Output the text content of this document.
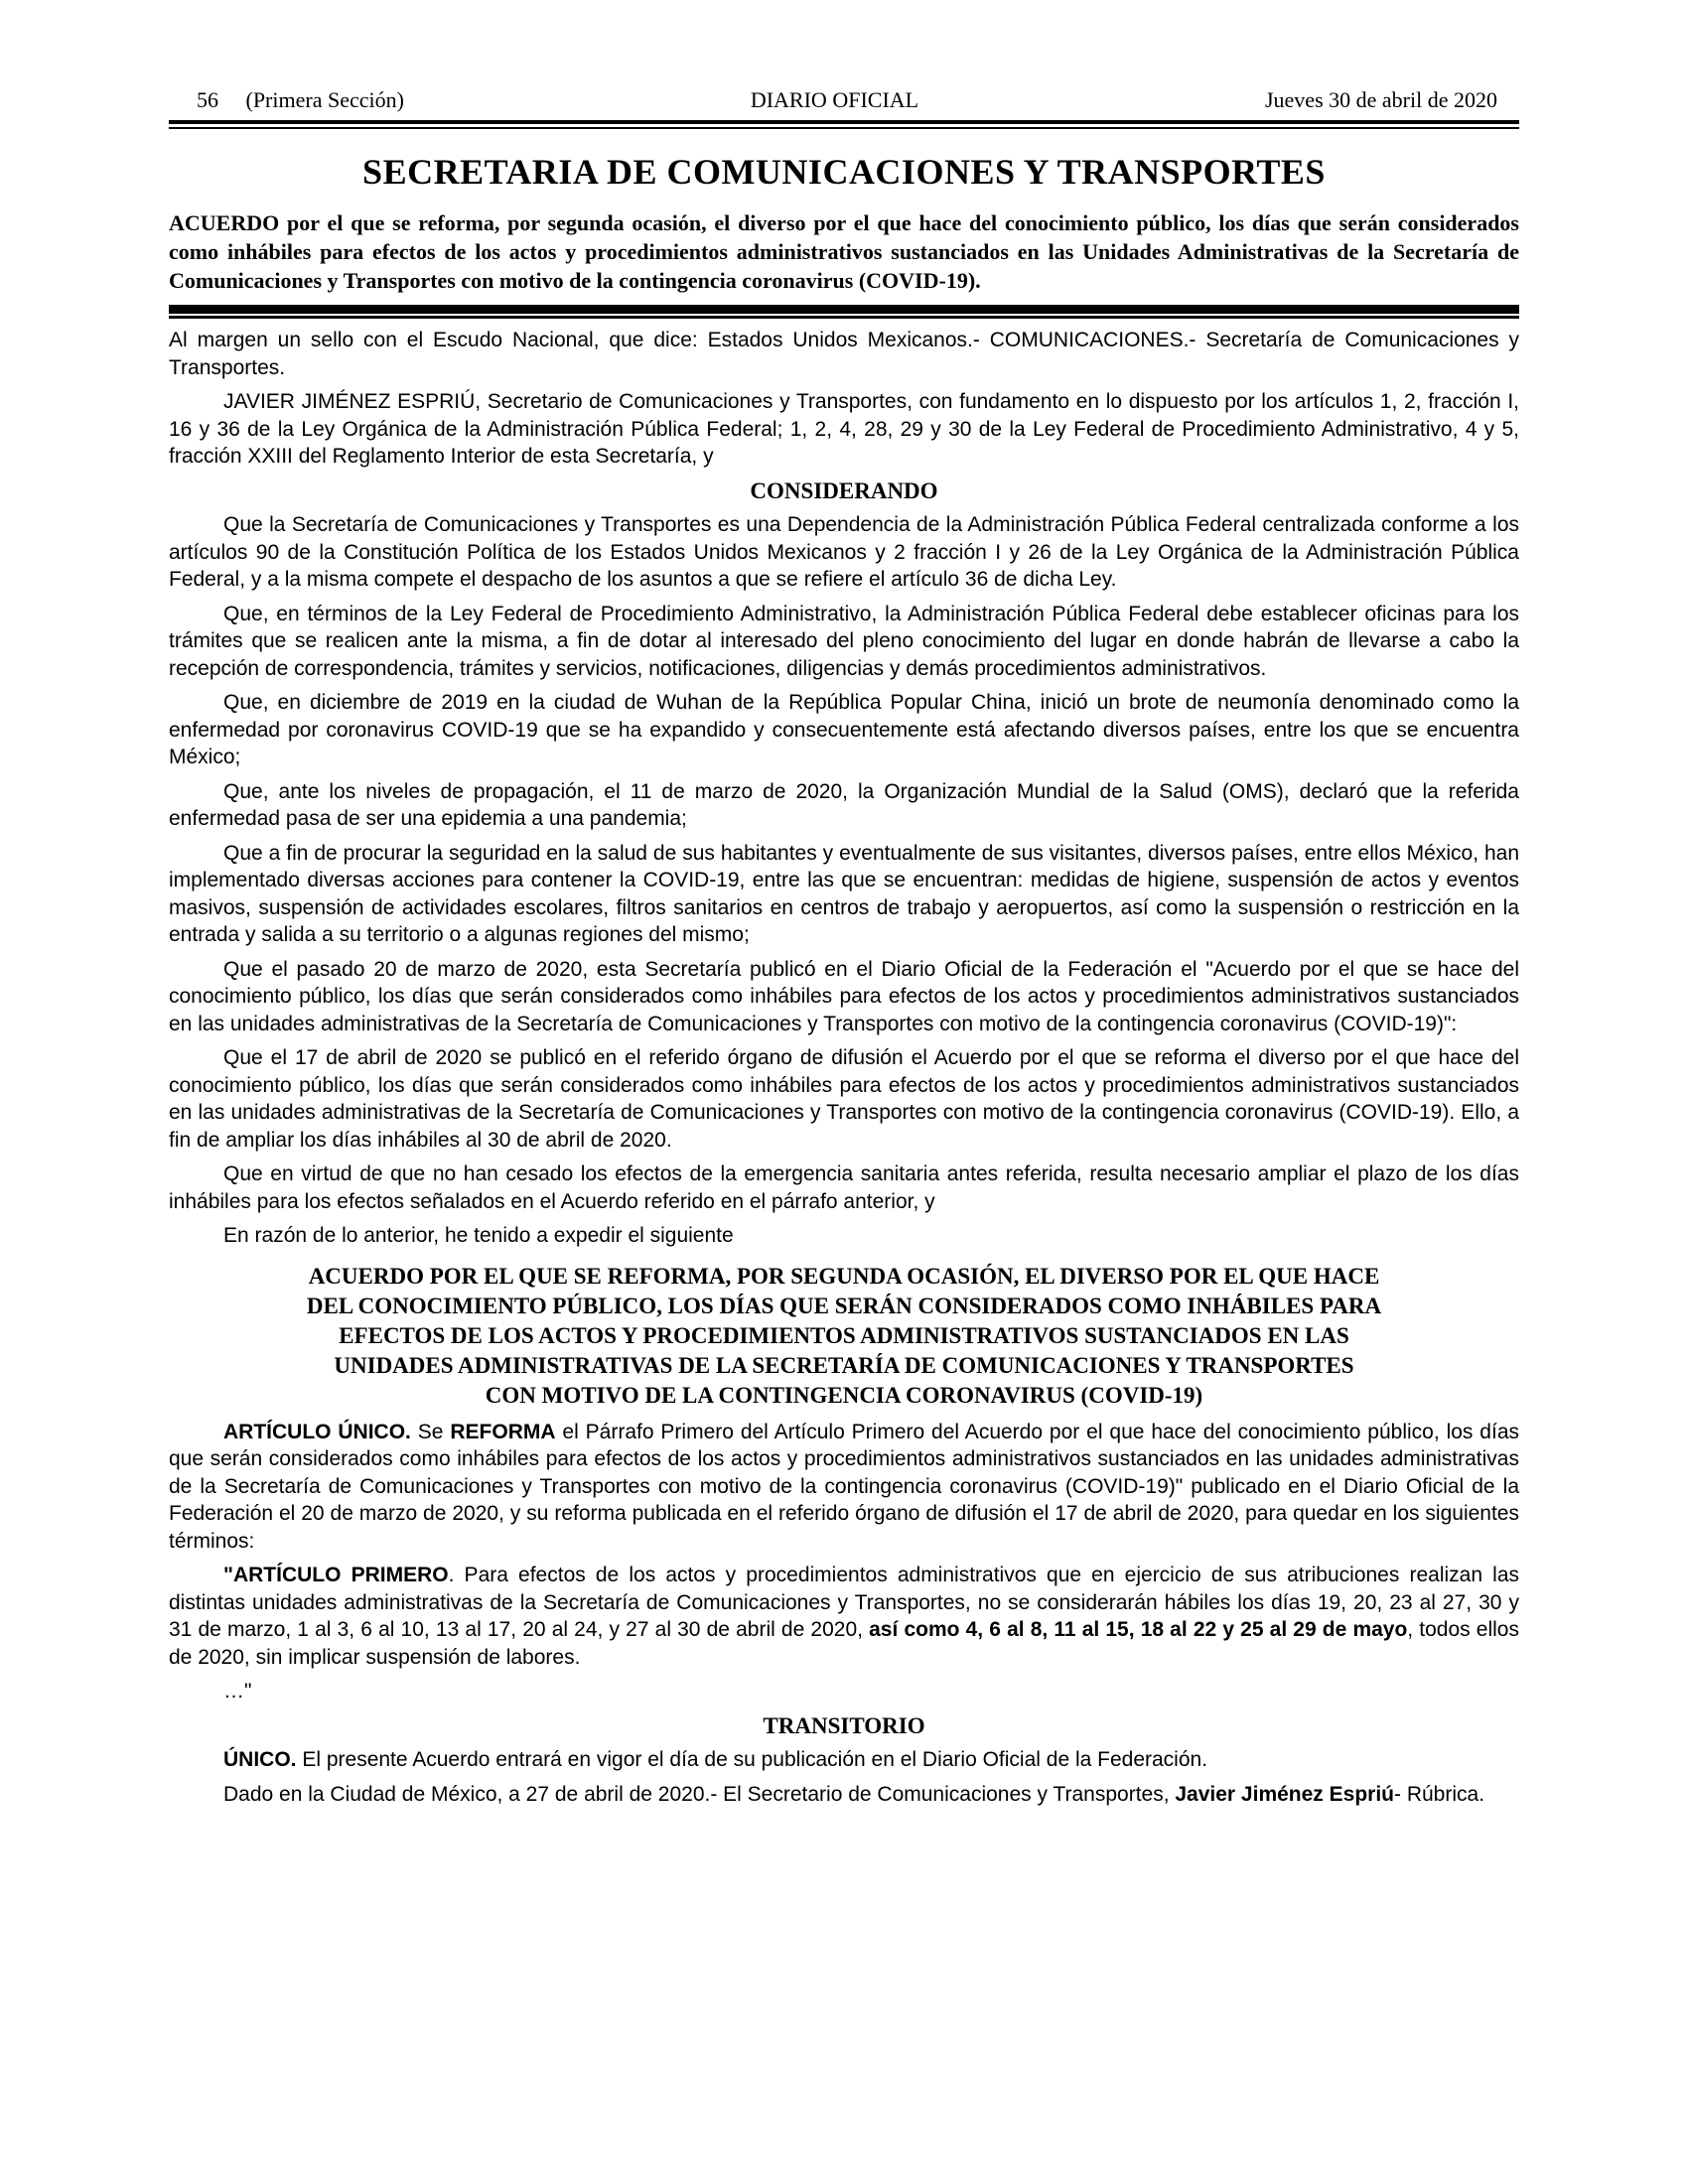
56 (Primera Sección)	DIARIO OFICIAL	Jueves 30 de abril de 2020
SECRETARIA DE COMUNICACIONES Y TRANSPORTES

ACUERDO por el que se reforma, por segunda ocasión, el diverso por el que hace del conocimiento público, los días que serán considerados como inhábiles para efectos de los actos y procedimientos administrativos sustanciados en las Unidades Administrativas de la Secretaría de Comunicaciones y Transportes con motivo de la contingencia coronavirus (COVID-19).

Al margen un sello con el Escudo Nacional, que dice: Estados Unidos Mexicanos.- COMUNICACIONES.- Secretaría de Comunicaciones y Transportes.

JAVIER JIMÉNEZ ESPRIÚ, Secretario de Comunicaciones y Transportes, con fundamento en lo dispuesto por los artículos 1, 2, fracción I, 16 y 36 de la Ley Orgánica de la Administración Pública Federal; 1, 2, 4, 28, 29 y 30 de la Ley Federal de Procedimiento Administrativo, 4 y 5, fracción XXIII del Reglamento Interior de esta Secretaría, y

CONSIDERANDO

Que la Secretaría de Comunicaciones y Transportes es una Dependencia de la Administración Pública Federal centralizada conforme a los artículos 90 de la Constitución Política de los Estados Unidos Mexicanos y 2 fracción I y 26 de la Ley Orgánica de la Administración Pública Federal, y a la misma compete el despacho de los asuntos a que se refiere el artículo 36 de dicha Ley.

Que, en términos de la Ley Federal de Procedimiento Administrativo, la Administración Pública Federal debe establecer oficinas para los trámites que se realicen ante la misma, a fin de dotar al interesado del pleno conocimiento del lugar en donde habrán de llevarse a cabo la recepción de correspondencia, trámites y servicios, notificaciones, diligencias y demás procedimientos administrativos.

Que, en diciembre de 2019 en la ciudad de Wuhan de la República Popular China, inició un brote de neumonía denominado como la enfermedad por coronavirus COVID-19 que se ha expandido y consecuentemente está afectando diversos países, entre los que se encuentra México;

Que, ante los niveles de propagación, el 11 de marzo de 2020, la Organización Mundial de la Salud (OMS), declaró que la referida enfermedad pasa de ser una epidemia a una pandemia;

Que a fin de procurar la seguridad en la salud de sus habitantes y eventualmente de sus visitantes, diversos países, entre ellos México, han implementado diversas acciones para contener la COVID-19, entre las que se encuentran: medidas de higiene, suspensión de actos y eventos masivos, suspensión de actividades escolares, filtros sanitarios en centros de trabajo y aeropuertos, así como la suspensión o restricción en la entrada y salida a su territorio o a algunas regiones del mismo;

Que el pasado 20 de marzo de 2020, esta Secretaría publicó en el Diario Oficial de la Federación el "Acuerdo por el que se hace del conocimiento público, los días que serán considerados como inhábiles para efectos de los actos y procedimientos administrativos sustanciados en las unidades administrativas de la Secretaría de Comunicaciones y Transportes con motivo de la contingencia coronavirus (COVID-19)":

Que el 17 de abril de 2020 se publicó en el referido órgano de difusión el Acuerdo por el que se reforma el diverso por el que hace del conocimiento público, los días que serán considerados como inhábiles para efectos de los actos y procedimientos administrativos sustanciados en las unidades administrativas de la Secretaría de Comunicaciones y Transportes con motivo de la contingencia coronavirus (COVID-19). Ello, a fin de ampliar los días inhábiles al 30 de abril de 2020.

Que en virtud de que no han cesado los efectos de la emergencia sanitaria antes referida, resulta necesario ampliar el plazo de los días inhábiles para los efectos señalados en el Acuerdo referido en el párrafo anterior, y

En razón de lo anterior, he tenido a expedir el siguiente

ACUERDO POR EL QUE SE REFORMA, POR SEGUNDA OCASIÓN, EL DIVERSO POR EL QUE HACE
DEL CONOCIMIENTO PÚBLICO, LOS DÍAS QUE SERÁN CONSIDERADOS COMO INHÁBILES PARA
EFECTOS DE LOS ACTOS Y PROCEDIMIENTOS ADMINISTRATIVOS SUSTANCIADOS EN LAS
UNIDADES ADMINISTRATIVAS DE LA SECRETARÍA DE COMUNICACIONES Y TRANSPORTES
CON MOTIVO DE LA CONTINGENCIA CORONAVIRUS (COVID-19)

ARTÍCULO ÚNICO. Se REFORMA el Párrafo Primero del Artículo Primero del Acuerdo por el que hace del conocimiento público, los días que serán considerados como inhábiles para efectos de los actos y procedimientos administrativos sustanciados en las unidades administrativas de la Secretaría de Comunicaciones y Transportes con motivo de la contingencia coronavirus (COVID-19)" publicado en el Diario Oficial de la Federación el 20 de marzo de 2020, y su reforma publicada en el referido órgano de difusión el 17 de abril de 2020, para quedar en los siguientes términos:

"ARTÍCULO PRIMERO. Para efectos de los actos y procedimientos administrativos que en ejercicio de sus atribuciones realizan las distintas unidades administrativas de la Secretaría de Comunicaciones y Transportes, no se considerarán hábiles los días 19, 20, 23 al 27, 30 y 31 de marzo, 1 al 3, 6 al 10, 13 al 17, 20 al 24, y 27 al 30 de abril de 2020, así como 4, 6 al 8, 11 al 15, 18 al 22 y 25 al 29 de mayo, todos ellos de 2020, sin implicar suspensión de labores.

…"

TRANSITORIO

ÚNICO. El presente Acuerdo entrará en vigor el día de su publicación en el Diario Oficial de la Federación.

Dado en la Ciudad de México, a 27 de abril de 2020.- El Secretario de Comunicaciones y Transportes, Javier Jiménez Espriú- Rúbrica.
